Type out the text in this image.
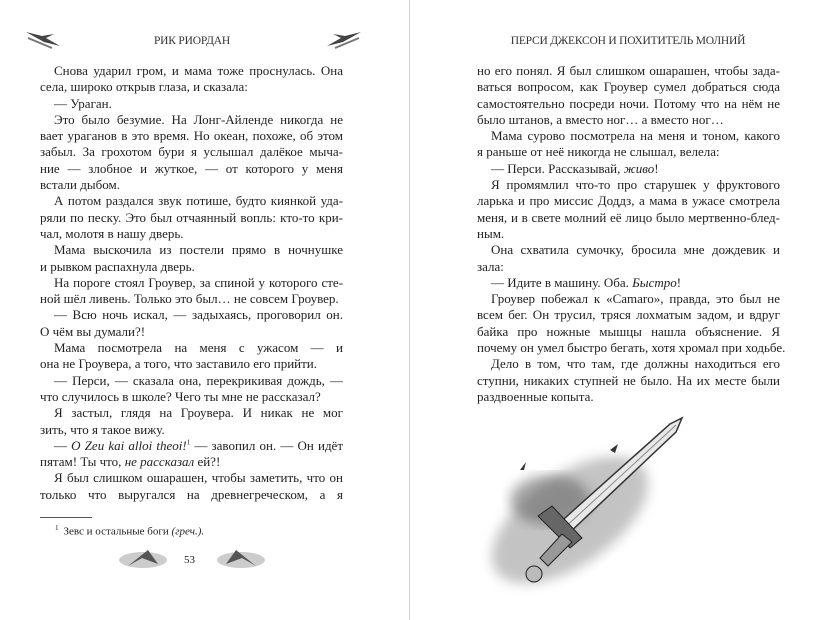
РИК РИОРДАН
Снова ударил гром, и мама тоже проснулась. Она
села, широко открыв глаза, и сказала:
— Ураган.
Это было безумие. На Лонг-Айленде никогда не
вает ураганов в это время. Но океан, похоже, об этом
забыл. За грохотом бури я услышал далёкое мыча-
ние — злобное и жуткое, — от которого у меня
встали дыбом.
А потом раздался звук потише, будто киянкой уда-
ряли по песку. Это был отчаянный вопль: кто-то кри-
чал, молотя в нашу дверь.
Мама выскочила из постели прямо в ночнушке
и рывком распахнула дверь.
На пороге стоял Гроувер, за спиной у которого сте-
ной шёл ливень. Только это был… не совсем Гроувер.
— Всю ночь искал, — задыхаясь, проговорил он.
О чём вы думали?!
Мама посмотрела на меня с ужасом — и
она не Гроувера, а того, что заставило его прийти.
— Перси, — сказала она, перекрикивая дождь, —
что случилось в школе? Чего ты мне не рассказал?
Я застыл, глядя на Гроувера. И никак не мог
зить, что я такое вижу.
— O Zeu kai alloi theoi!$^1$ — завопил он. — Он идёт
пятам! Ты что, не рассказал ей?!
Я был слишком ошарашен, чтобы заметить, что он
только что выругался на древнегреческом, а я
$^1$ Зевс и остальные боги (греч.).
53
ПЕРСИ ДЖЕКСОН И ПОХИТИТЕЛЬ МОЛНИЙ
но его понял. Я был слишком ошарашен, чтобы зада-
ваться вопросом, как Гроувер сумел добраться сюда
самостоятельно посреди ночи. Потому что на нём не
было штанов, а вместо ног… а вместо ног…
Мама сурово посмотрела на меня и тоном, какого
я раньше от неё никогда не слышал, велела:
— Перси. Рассказывай, живо!
Я промямлил что-то про старушек у фруктового
ларька и про миссис Доддз, а мама в ужасе смотрела
меня, и в свете молний её лицо было мертвенно-блед-
ным.
Она схватила сумочку, бросила мне дождевик и
зала:
— Идите в машину. Оба. Быстро!
Гроувер побежал к «Camaro», правда, это был не
всем бег. Он трусил, тряся лохматым задом, и вдруг
байка про ножные мышцы нашла объяснение. Я
почему он умел быстро бегать, хотя хромал при ходьбе.
Дело в том, что там, где должны находиться его
ступни, никаких ступней не было. На их месте были
раздвоенные копыта.
